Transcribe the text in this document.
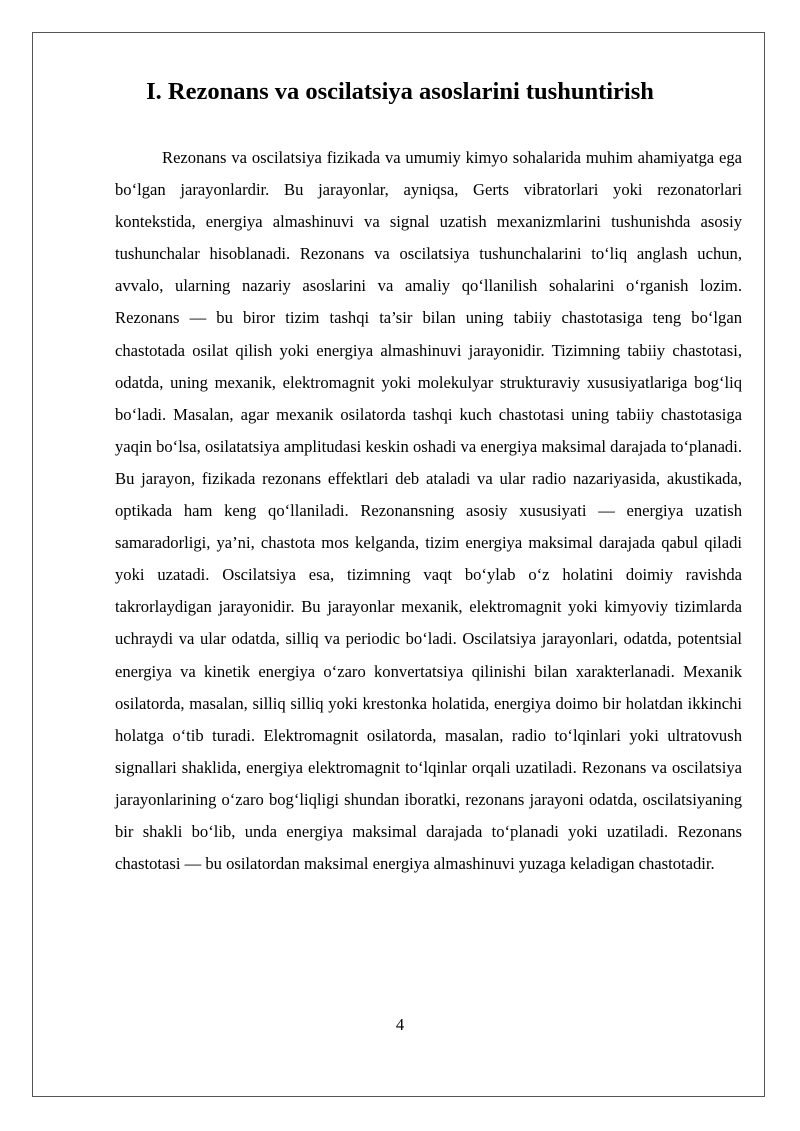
I. Rezonans va oscilatsiya asoslarini tushuntirish

Rezonans va oscilatsiya fizikada va umumiy kimyo sohalarida muhim ahamiyatga ega bo‘lgan jarayonlardir. Bu jarayonlar, ayniqsa, Gerts vibratorlari yoki rezonatorlari kontekstida, energiya almashinuvi va signal uzatish mexanizmlarini tushunishda asosiy tushunchalar hisoblanadi. Rezonans va oscilatsiya tushunchalarini to‘liq anglash uchun, avvalo, ularning nazariy asoslarini va amaliy qo‘llanilish sohalarini o‘rganish lozim. Rezonans — bu biror tizim tashqi ta’sir bilan uning tabiiy chastotasiga teng bo‘lgan chastotada osilat qilish yoki energiya almashinuvi jarayonidir. Tizimning tabiiy chastotasi, odatda, uning mexanik, elektromagnit yoki molekulyar strukturaviy xususiyatlariga bog‘liq bo‘ladi. Masalan, agar mexanik osilatorda tashqi kuch chastotasi uning tabiiy chastotasiga yaqin bo‘lsa, osilatatsiya amplitudasi keskin oshadi va energiya maksimal darajada to‘planadi. Bu jarayon, fizikada rezonans effektlari deb ataladi va ular radio nazariyasida, akustikada, optikada ham keng qo‘llaniladi. Rezonansning asosiy xususiyati — energiya uzatish samaradorligi, ya’ni, chastota mos kelganda, tizim energiya maksimal darajada qabul qiladi yoki uzatadi. Oscilatsiya esa, tizimning vaqt bo‘ylab o‘z holatini doimiy ravishda takrorlaydigan jarayonidir. Bu jarayonlar mexanik, elektromagnit yoki kimyoviy tizimlarda uchraydi va ular odatda, silliq va periodic bo‘ladi. Oscilatsiya jarayonlari, odatda, potentsial energiya va kinetik energiya o‘zaro konvertatsiya qilinishi bilan xarakterlanadi. Mexanik osilatorda, masalan, silliq silliq yoki krestonka holatida, energiya doimo bir holatdan ikkinchi holatga o‘tib turadi. Elektromagnit osilatorda, masalan, radio to‘lqinlari yoki ultratovush signallari shaklida, energiya elektromagnit to‘lqinlar orqali uzatiladi. Rezonans va oscilatsiya jarayonlarining o‘zaro bog‘liqligi shundan iboratki, rezonans jarayoni odatda, oscilatsiyaning bir shakli bo‘lib, unda energiya maksimal darajada to‘planadi yoki uzatiladi. Rezonans chastotasi — bu osilatordan maksimal energiya almashinuvi yuzaga keladigan chastotadir.

4
